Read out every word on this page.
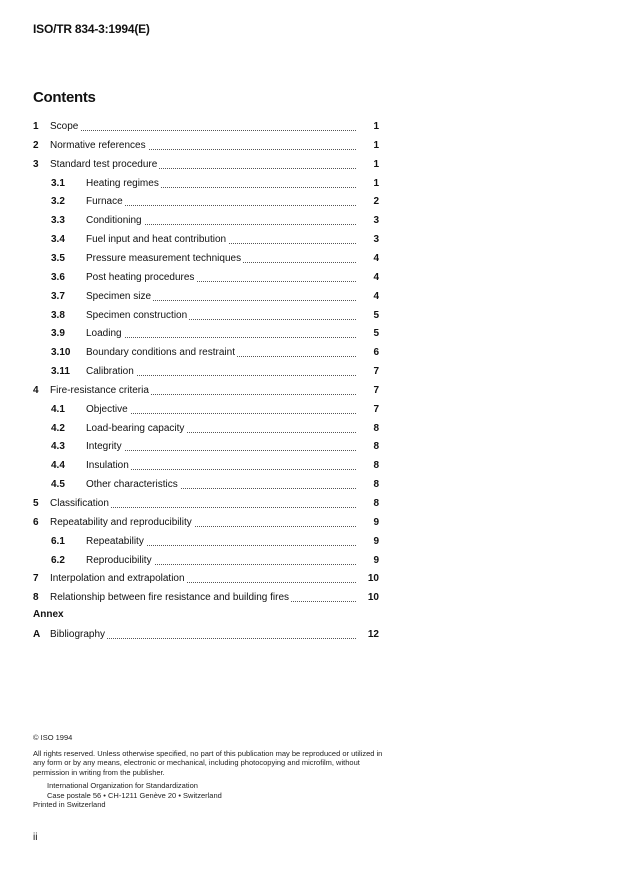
ISO/TR 834-3:1994(E)
Contents
1 Scope	1
2 Normative references	1
3 Standard test procedure	1
3.1 Heating regimes	1
3.2 Furnace	2
3.3 Conditioning	3
3.4 Fuel input and heat contribution	3
3.5 Pressure measurement techniques	4
3.6 Post heating procedures	4
3.7 Specimen size	4
3.8 Specimen construction	5
3.9 Loading	5
3.10 Boundary conditions and restraint	6
3.11 Calibration	7
4 Fire-resistance criteria	7
4.1 Objective	7
4.2 Load-bearing capacity	8
4.3 Integrity	8
4.4 Insulation	8
4.5 Other characteristics	8
5 Classification	8
6 Repeatability and reproducibility	9
6.1 Repeatability	9
6.2 Reproducibility	9
7 Interpolation and extrapolation	10
8 Relationship between fire resistance and building fires	10
Annex
A Bibliography	12
© ISO 1994
All rights reserved. Unless otherwise specified, no part of this publication may be reproduced or utilized in any form or by any means, electronic or mechanical, including photocopying and microfilm, without permission in writing from the publisher.
International Organization for Standardization
Case postale 56 • CH-1211 Genève 20 • Switzerland
Printed in Switzerland
ii
